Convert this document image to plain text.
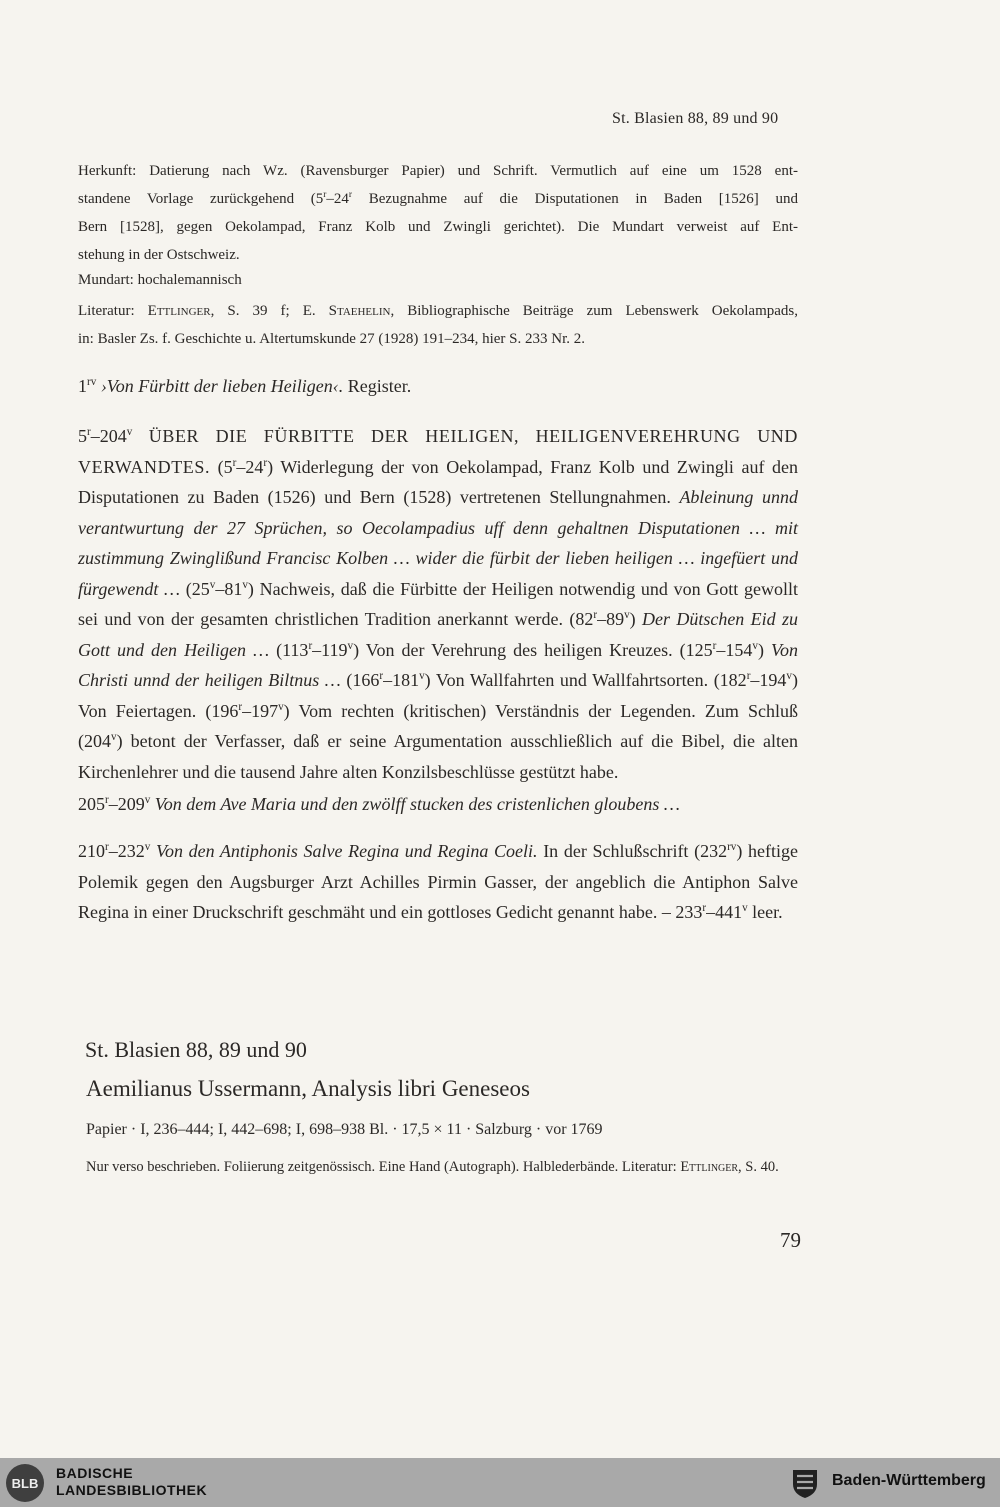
St. Blasien 88, 89 und 90

Herkunft: Datierung nach Wz. (Ravensburger Papier) und Schrift. Vermutlich auf eine um 1528 ent-

standene Vorlage zurückgehend (5$^r$–24$^r$ Bezugnahme auf die Disputationen in Baden [1526] und

Bern [1528], gegen Oekolampad, Franz Kolb und Zwingli gerichtet). Die Mundart verweist auf Ent-

stehung in der Ostschweiz.

Mundart: hochalemannisch

Literatur: Ettlinger, S. 39 f; E. Staehelin, Bibliographische Beiträge zum Lebenswerk Oekolampads,

in: Basler Zs. f. Geschichte u. Altertumskunde 27 (1928) 191–234, hier S. 233 Nr. 2.

$1^{rv}$ ›Von Fürbitt der lieben Heiligen‹. Register.
5$^r$–204$^v$ ÜBER DIE FÜRBITTE DER HEILIGEN, HEILIGENVEREHRUNG UND VERWANDTES. (5$^r$–24$^r$) Widerlegung der von Oekolampad, Franz Kolb und Zwingli auf den Disputationen zu Baden (1526) und Bern (1528) vertretenen Stellungnahmen. Ableinung unnd verantwurtung der 27 Sprüchen, so Oecolampadius uff denn gehaltnen Disputationen … mit zustimmung Zwinglißund Francisc Kolben … wider die fürbit der lieben heiligen … ingefüert und fürgewendt … (25$^v$–81$^v$) Nachweis, daß die Fürbitte der Heiligen notwendig und von Gott gewollt sei und von der gesamten christlichen Tradition anerkannt werde. (82$^r$–89$^v$) Der Dütschen Eid zu Gott und den Heiligen … (113$^r$–119$^v$) Von der Verehrung des heiligen Kreuzes. (125$^r$–154$^v$) Von Christi unnd der heiligen Biltnus … (166$^r$–181$^v$) Von Wallfahrten und Wallfahrtsorten. (182$^r$–194$^v$) Von Feiertagen. (196$^r$–197$^v$) Vom rechten (kritischen) Verständnis der Legenden. Zum Schluß (204$^v$) betont der Verfasser, daß er seine Argumentation ausschließlich auf die Bibel, die alten Kirchenlehrer und die tausend Jahre alten Konzilsbeschlüsse gestützt habe.
205$^r$–209$^v$ Von dem Ave Maria und den zwölff stucken des cristenlichen gloubens …
210$^r$–232$^v$ Von den Antiphonis Salve Regina und Regina Coeli. In der Schlußschrift $(232^{rv})$ heftige Polemik gegen den Augsburger Arzt Achilles Pirmin Gasser, der angeblich die Antiphon Salve Regina in einer Druckschrift geschmäht und ein gottloses Gedicht genannt habe. – 233$^r$–441$^v$ leer.
St. Blasien 88, 89 und 90
Aemilianus Ussermann, Analysis libri Geneseos
Papier · I, 236–444; I, 442–698; I, 698–938 Bl. · 17,5 × 11 · Salzburg · vor 1769
Nur verso beschrieben. Foliierung zeitgenössisch. Eine Hand (Autograph). Halblederbände. Literatur: Ettlinger, S. 40.
79
BLB
BADISCHE
LANDESBIBLIOTHEK
Baden-Württemberg
